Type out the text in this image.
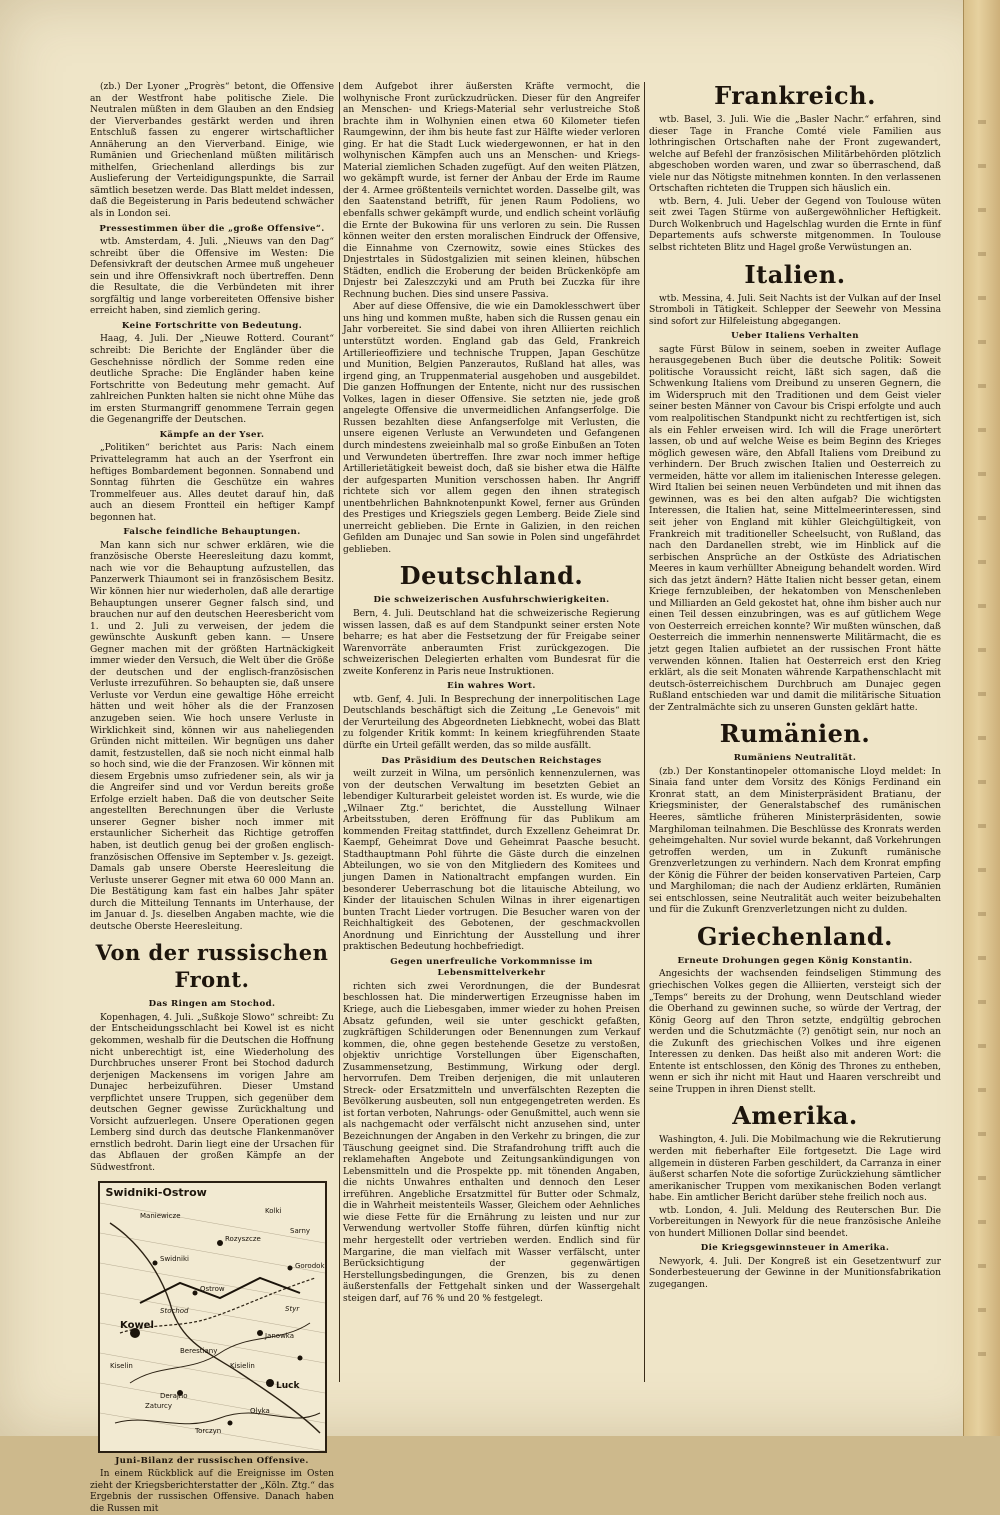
(zb.) Der Lyoner „Progrès“ betont, die Offensive an der Westfront habe politische Ziele. Die Neutralen müßten in dem Glauben an den Endsieg der Vierverbandes gestärkt werden und ihren Entschluß fassen zu engerer wirtschaftlicher Annäherung an den Vierverband. Einige, wie Rumänien und Griechenland müßten militärisch mithelfen, Griechenland allerdings bis zur Auslieferung der Verteidigungspunkte, die Sarrail sämtlich besetzen werde. Das Blatt meldet indessen, daß die Begeisterung in Paris bedeutend schwächer als in London sei.

Pressestimmen über die „große Offensive“.

wtb. Amsterdam, 4. Juli. „Nieuws van den Dag“ schreibt über die Offensive im Westen: Die Defensivkraft der deutschen Armee muß ungeheuer sein und ihre Offensivkraft noch übertreffen. Denn die Resultate, die die Verbündeten mit ihrer sorgfältig und lange vorbereiteten Offensive bisher erreicht haben, sind ziemlich gering.

Keine Fortschritte von Bedeutung.

Haag, 4. Juli. Der „Nieuwe Rotterd. Courant“ schreibt: Die Berichte der Engländer über die Geschehnisse nördlich der Somme reden eine deutliche Sprache: Die Engländer haben keine Fortschritte von Bedeutung mehr gemacht. Auf zahlreichen Punkten halten sie nicht ohne Mühe das im ersten Sturmangriff genommene Terrain gegen die Gegenangriffe der Deutschen.

Kämpfe an der Yser.

„Politiken“ berichtet aus Paris: Nach einem Privattelegramm hat auch an der Yserfront ein heftiges Bombardement begonnen. Sonnabend und Sonntag führten die Geschütze ein wahres Trommelfeuer aus. Alles deutet darauf hin, daß auch an diesem Frontteil ein heftiger Kampf begonnen hat.

Falsche feindliche Behauptungen.

Man kann sich nur schwer erklären, wie die französische Oberste Heeresleitung dazu kommt, nach wie vor die Behauptung aufzustellen, das Panzerwerk Thiaumont sei in französischem Besitz. Wir können hier nur wiederholen, daß alle derartige Behauptungen unserer Gegner falsch sind, und brauchen nur auf den deutschen Heeresbericht vom 1. und 2. Juli zu verweisen, der jedem die gewünschte Auskunft geben kann. — Unsere Gegner machen mit der größten Hartnäckigkeit immer wieder den Versuch, die Welt über die Größe der deutschen und der englisch-französischen Verluste irrezuführen. So behaupten sie, daß unsere Verluste vor Verdun eine gewaltige Höhe erreicht hätten und weit höher als die der Franzosen anzugeben seien. Wie hoch unsere Verluste in Wirklichkeit sind, können wir aus naheliegenden Gründen nicht mitteilen. Wir begnügen uns daher damit, festzustellen, daß sie noch nicht einmal halb so hoch sind, wie die der Franzosen. Wir können mit diesem Ergebnis umso zufriedener sein, als wir ja die Angreifer sind und vor Verdun bereits große Erfolge erzielt haben. Daß die von deutscher Seite angestellten Berechnungen über die Verluste unserer Gegner bisher noch immer mit erstaunlicher Sicherheit das Richtige getroffen haben, ist deutlich genug bei der großen englisch-französischen Offensive im September v. Js. gezeigt. Damals gab unsere Oberste Heeresleitung die Verluste unserer Gegner mit etwa 60 000 Mann an. Die Bestätigung kam fast ein halbes Jahr später durch die Mitteilung Tennants im Unterhause, der im Januar d. Js. dieselben Angaben machte, wie die deutsche Oberste Heeresleitung.

Von der russischen Front.
Das Ringen am Stochod.

Kopenhagen, 4. Juli. „Sußkoje Slowo“ schreibt: Zu der Entscheidungsschlacht bei Kowel ist es nicht gekommen, weshalb für die Deutschen die Hoffnung nicht unberechtigt ist, eine Wiederholung des Durchbruches unserer Front bei Stochod dadurch derjenigen Mackensens im vorigen Jahre am Dunajec herbeizuführen. Dieser Umstand verpflichtet unsere Truppen, sich gegenüber dem deutschen Gegner gewisse Zurückhaltung und Vorsicht aufzuerlegen. Unsere Operationen gegen Lemberg sind durch das deutsche Flankenmanöver ernstlich bedroht. Darin liegt eine der Ursachen für das Abflauen der großen Kämpfe an der Südwestfront.

Kowel
Luck
Rozyszcze
Kolki
Maniewicze
Sarny
Olyka
Torczyn
Swidniki
Ostrow
Janowka
Kisielin
Kiselin
Zaturcy
Stochod	Styr
Gorodok
Berestiany
Derajno
Swidniki-Ostrow
Juni-Bilanz der russischen Offensive.

In einem Rückblick auf die Ereignisse im Osten zieht der Kriegsberichterstatter der „Köln. Ztg.“ das Ergebnis der russischen Offensive. Danach haben die Russen mit

dem Aufgebot ihrer äußersten Kräfte vermocht, die wolhynische Front zurückzudrücken. Dieser für den Angreifer an Menschen- und Kriegs-Material sehr verlustreiche Stoß brachte ihm in Wolhynien einen etwa 60 Kilometer tiefen Raumgewinn, der ihm bis heute fast zur Hälfte wieder verloren ging. Er hat die Stadt Luck wiedergewonnen, er hat in den wolhynischen Kämpfen auch uns an Menschen- und Kriegs-Material ziemlichen Schaden zugefügt. Auf den weiten Plätzen, wo gekämpft wurde, ist ferner der Anbau der Erde im Raume der 4. Armee größtenteils vernichtet worden. Dasselbe gilt, was den Saatenstand betrifft, für jenen Raum Podoliens, wo ebenfalls schwer gekämpft wurde, und endlich scheint vorläufig die Ernte der Bukowina für uns verloren zu sein. Die Russen können weiter den ersten moralischen Eindruck der Offensive, die Einnahme von Czernowitz, sowie eines Stückes des Dnjestrtales in Südostgalizien mit seinen kleinen, hübschen Städten, endlich die Eroberung der beiden Brückenköpfe am Dnjestr bei Zaleszczyki und am Pruth bei Zuczka für ihre Rechnung buchen. Dies sind unsere Passiva.

Aber auf diese Offensive, die wie ein Damoklesschwert über uns hing und kommen mußte, haben sich die Russen genau ein Jahr vorbereitet. Sie sind dabei von ihren Alliierten reichlich unterstützt worden. England gab das Geld, Frankreich Artillerieoffiziere und technische Truppen, Japan Geschütze und Munition, Belgien Panzerautos, Rußland hat alles, was irgend ging, an Truppenmaterial ausgehoben und ausgebildet. Die ganzen Hoffnungen der Entente, nicht nur des russischen Volkes, lagen in dieser Offensive. Sie setzten nie, jede groß angelegte Offensive die unvermeidlichen Anfangserfolge. Die Russen bezahlten diese Anfangserfolge mit Verlusten, die unsere eigenen Verluste an Verwundeten und Gefangenen durch mindestens zweieinhalb mal so große Einbußen an Toten und Verwundeten übertreffen. Ihre zwar noch immer heftige Artillerietätigkeit beweist doch, daß sie bisher etwa die Hälfte der aufgesparten Munition verschossen haben. Ihr Angriff richtete sich vor allem gegen den ihnen strategisch unentbehrlichen Bahnknotenpunkt Kowel, ferner aus Gründen des Prestiges und Kriegsziels gegen Lemberg. Beide Ziele sind unerreicht geblieben. Die Ernte in Galizien, in den reichen Gefilden am Dunajec und San sowie in Polen sind ungefährdet geblieben.

Deutschland.
Die schweizerischen Ausfuhrschwierigkeiten.

Bern, 4. Juli. Deutschland hat die schweizerische Regierung wissen lassen, daß es auf dem Standpunkt seiner ersten Note beharre; es hat aber die Festsetzung der für Freigabe seiner Warenvorräte anberaumten Frist zurückgezogen. Die schweizerischen Delegierten erhalten vom Bundesrat für die zweite Konferenz in Paris neue Instruktionen.

Ein wahres Wort.

wtb. Genf, 4. Juli. In Besprechung der innerpolitischen Lage Deutschlands beschäftigt sich die Zeitung „Le Genevois“ mit der Verurteilung des Abgeordneten Liebknecht, wobei das Blatt zu folgender Kritik kommt: In keinem kriegführenden Staate dürfte ein Urteil gefällt werden, das so milde ausfällt.

Das Präsidium des Deutschen Reichstages

weilt zurzeit in Wilna, um persönlich kennenzulernen, was von der deutschen Verwaltung im besetzten Gebiet an lebendiger Kulturarbeit geleistet worden ist. Es wurde, wie die „Wilnaer Ztg.“ berichtet, die Ausstellung Wilnaer Arbeitsstuben, deren Eröffnung für das Publikum am kommenden Freitag stattfindet, durch Exzellenz Geheimrat Dr. Kaempf, Geheimrat Dove und Geheimrat Paasche besucht. Stadthauptmann Pohl führte die Gäste durch die einzelnen Abteilungen, wo sie von den Mitgliedern des Komitees und jungen Damen in Nationaltracht empfangen wurden. Ein besonderer Ueberraschung bot die litauische Abteilung, wo Kinder der litauischen Schulen Wilnas in ihrer eigenartigen bunten Tracht Lieder vortrugen. Die Besucher waren von der Reichhaltigkeit des Gebotenen, der geschmackvollen Anordnung und Einrichtung der Ausstellung und ihrer praktischen Bedeutung hochbefriedigt.

Gegen unerfreuliche Vorkommnisse im Lebensmittelverkehr

richten sich zwei Verordnungen, die der Bundesrat beschlossen hat. Die minderwertigen Erzeugnisse haben im Kriege, auch die Liebesgaben, immer wieder zu hohen Preisen Absatz gefunden, weil sie unter geschickt gefaßten, zugkräftigen Schilderungen oder Benennungen zum Verkauf kommen, die, ohne gegen bestehende Gesetze zu verstoßen, objektiv unrichtige Vorstellungen über Eigenschaften, Zusammensetzung, Bestimmung, Wirkung oder dergl. hervorrufen. Dem Treiben derjenigen, die mit unlauteren Streck- oder Ersatzmitteln und unverfälschten Rezepten die Bevölkerung ausbeuten, soll nun entgegengetreten werden. Es ist fortan verboten, Nahrungs- oder Genußmittel, auch wenn sie als nachgemacht oder verfälscht nicht anzusehen sind, unter Bezeichnungen der Angaben in den Verkehr zu bringen, die zur Täuschung geeignet sind. Die Strafandrohung trifft auch die reklamehaften Angebote und Zeitungsankündigungen von Lebensmitteln und die Prospekte pp. mit tönenden Angaben, die nichts Unwahres enthalten und dennoch den Leser irreführen. Angebliche Ersatzmittel für Butter oder Schmalz, die in Wahrheit meistenteils Wasser, Gleichem oder Aehnliches wie diese Fette für die Ernährung zu leisten und nur zur Verwendung wertvoller Stoffe führen, dürfen künftig nicht mehr hergestellt oder vertrieben werden. Endlich sind für Margarine, die man vielfach mit Wasser verfälscht, unter Berücksichtigung der gegenwärtigen Herstellungsbedingungen, die Grenzen, bis zu denen äußerstenfalls der Fettgehalt sinken und der Wassergehalt steigen darf, auf 76 % und 20 % festgelegt.

Frankreich.

wtb. Basel, 3. Juli. Wie die „Basler Nachr.“ erfahren, sind dieser Tage in Franche Comté viele Familien aus lothringischen Ortschaften nahe der Front zugewandert, welche auf Befehl der französischen Militärbehörden plötzlich abgeschoben worden waren, und zwar so überraschend, daß viele nur das Nötigste mitnehmen konnten. In den verlassenen Ortschaften richteten die Truppen sich häuslich ein.

wtb. Bern, 4. Juli. Ueber der Gegend von Toulouse wüten seit zwei Tagen Stürme von außergewöhnlicher Heftigkeit. Durch Wolkenbruch und Hagelschlag wurden die Ernte in fünf Departements aufs schwerste mitgenommen. In Toulouse selbst richteten Blitz und Hagel große Verwüstungen an.

Italien.

wtb. Messina, 4. Juli. Seit Nachts ist der Vulkan auf der Insel Stromboli in Tätigkeit. Schlepper der Seewehr von Messina sind sofort zur Hilfeleistung abgegangen.

Ueber Italiens Verhalten

sagte Fürst Bülow in seinem, soeben in zweiter Auflage herausgegebenen Buch über die deutsche Politik: Soweit politische Voraussicht reicht, läßt sich sagen, daß die Schwenkung Italiens vom Dreibund zu unseren Gegnern, die im Widerspruch mit den Traditionen und dem Geist vieler seiner besten Männer von Cavour bis Crispi erfolgte und auch vom realpolitischen Standpunkt nicht zu rechtfertigen ist, sich als ein Fehler erweisen wird. Ich will die Frage unerörtert lassen, ob und auf welche Weise es beim Beginn des Krieges möglich gewesen wäre, den Abfall Italiens vom Dreibund zu verhindern. Der Bruch zwischen Italien und Oesterreich zu vermeiden, hätte vor allem im italienischen Interesse gelegen. Wird Italien bei seinen neuen Verbündeten und mit ihnen das gewinnen, was es bei den alten aufgab? Die wichtigsten Interessen, die Italien hat, seine Mittelmeerinteressen, sind seit jeher von England mit kühler Gleichgültigkeit, von Frankreich mit traditioneller Scheelsucht, von Rußland, das nach den Dardanellen strebt, wie im Hinblick auf die serbischen Ansprüche an der Ostküste des Adriatischen Meeres in kaum verhüllter Abneigung behandelt worden. Wird sich das jetzt ändern? Hätte Italien nicht besser getan, einem Kriege fernzubleiben, der hekatomben von Menschenleben und Milliarden an Geld gekostet hat, ohne ihm bisher auch nur einen Teil dessen einzubringen, was es auf gütlichem Wege von Oesterreich erreichen konnte? Wir mußten wünschen, daß Oesterreich die immerhin nennenswerte Militärmacht, die es jetzt gegen Italien aufbietet an der russischen Front hätte verwenden können. Italien hat Oesterreich erst den Krieg erklärt, als die seit Monaten währende Karpathenschlacht mit deutsch-österreichischem Durchbruch am Dunajec gegen Rußland entschieden war und damit die militärische Situation der Zentralmächte sich zu unseren Gunsten geklärt hatte.

Rumänien.
Rumäniens Neutralität.

(zb.) Der Konstantinopeler ottomanische Lloyd meldet: In Sinaia fand unter dem Vorsitz des Königs Ferdinand ein Kronrat statt, an dem Ministerpräsident Bratianu, der Kriegsminister, der Generalstabschef des rumänischen Heeres, sämtliche früheren Ministerpräsidenten, sowie Marghiloman teilnahmen. Die Beschlüsse des Kronrats werden geheimgehalten. Nur soviel wurde bekannt, daß Vorkehrungen getroffen werden, um in Zukunft rumänische Grenzverletzungen zu verhindern. Nach dem Kronrat empfing der König die Führer der beiden konservativen Parteien, Carp und Marghiloman; die nach der Audienz erklärten, Rumänien sei entschlossen, seine Neutralität auch weiter beizubehalten und für die Zukunft Grenzverletzungen nicht zu dulden.

Griechenland.
Erneute Drohungen gegen König Konstantin.

Angesichts der wachsenden feindseligen Stimmung des griechischen Volkes gegen die Alliierten, versteigt sich der „Temps“ bereits zu der Drohung, wenn Deutschland wieder die Oberhand zu gewinnen suche, so würde der Vertrag, der König Georg auf den Thron setzte, endgültig gebrochen werden und die Schutzmächte (?) genötigt sein, nur noch an die Zukunft des griechischen Volkes und ihre eigenen Interessen zu denken. Das heißt also mit anderen Wort: die Entente ist entschlossen, den König des Thrones zu entheben, wenn er sich ihr nicht mit Haut und Haaren verschreibt und seine Truppen in ihren Dienst stellt.

Amerika.

Washington, 4. Juli. Die Mobilmachung wie die Rekrutierung werden mit fieberhafter Eile fortgesetzt. Die Lage wird allgemein in düsteren Farben geschildert, da Carranza in einer äußerst scharfen Note die sofortige Zurückziehung sämtlicher amerikanischer Truppen vom mexikanischen Boden verlangt habe. Ein amtlicher Bericht darüber stehe freilich noch aus.

wtb. London, 4. Juli. Meldung des Reuterschen Bur. Die Vorbereitungen in Newyork für die neue französische Anleihe von hundert Millionen Dollar sind beendet.

Die Kriegsgewinnsteuer in Amerika.

Newyork, 4. Juli. Der Kongreß ist ein Gesetzentwurf zur Sonderbesteuerung der Gewinne in der Munitionsfabrikation zugegangen.
